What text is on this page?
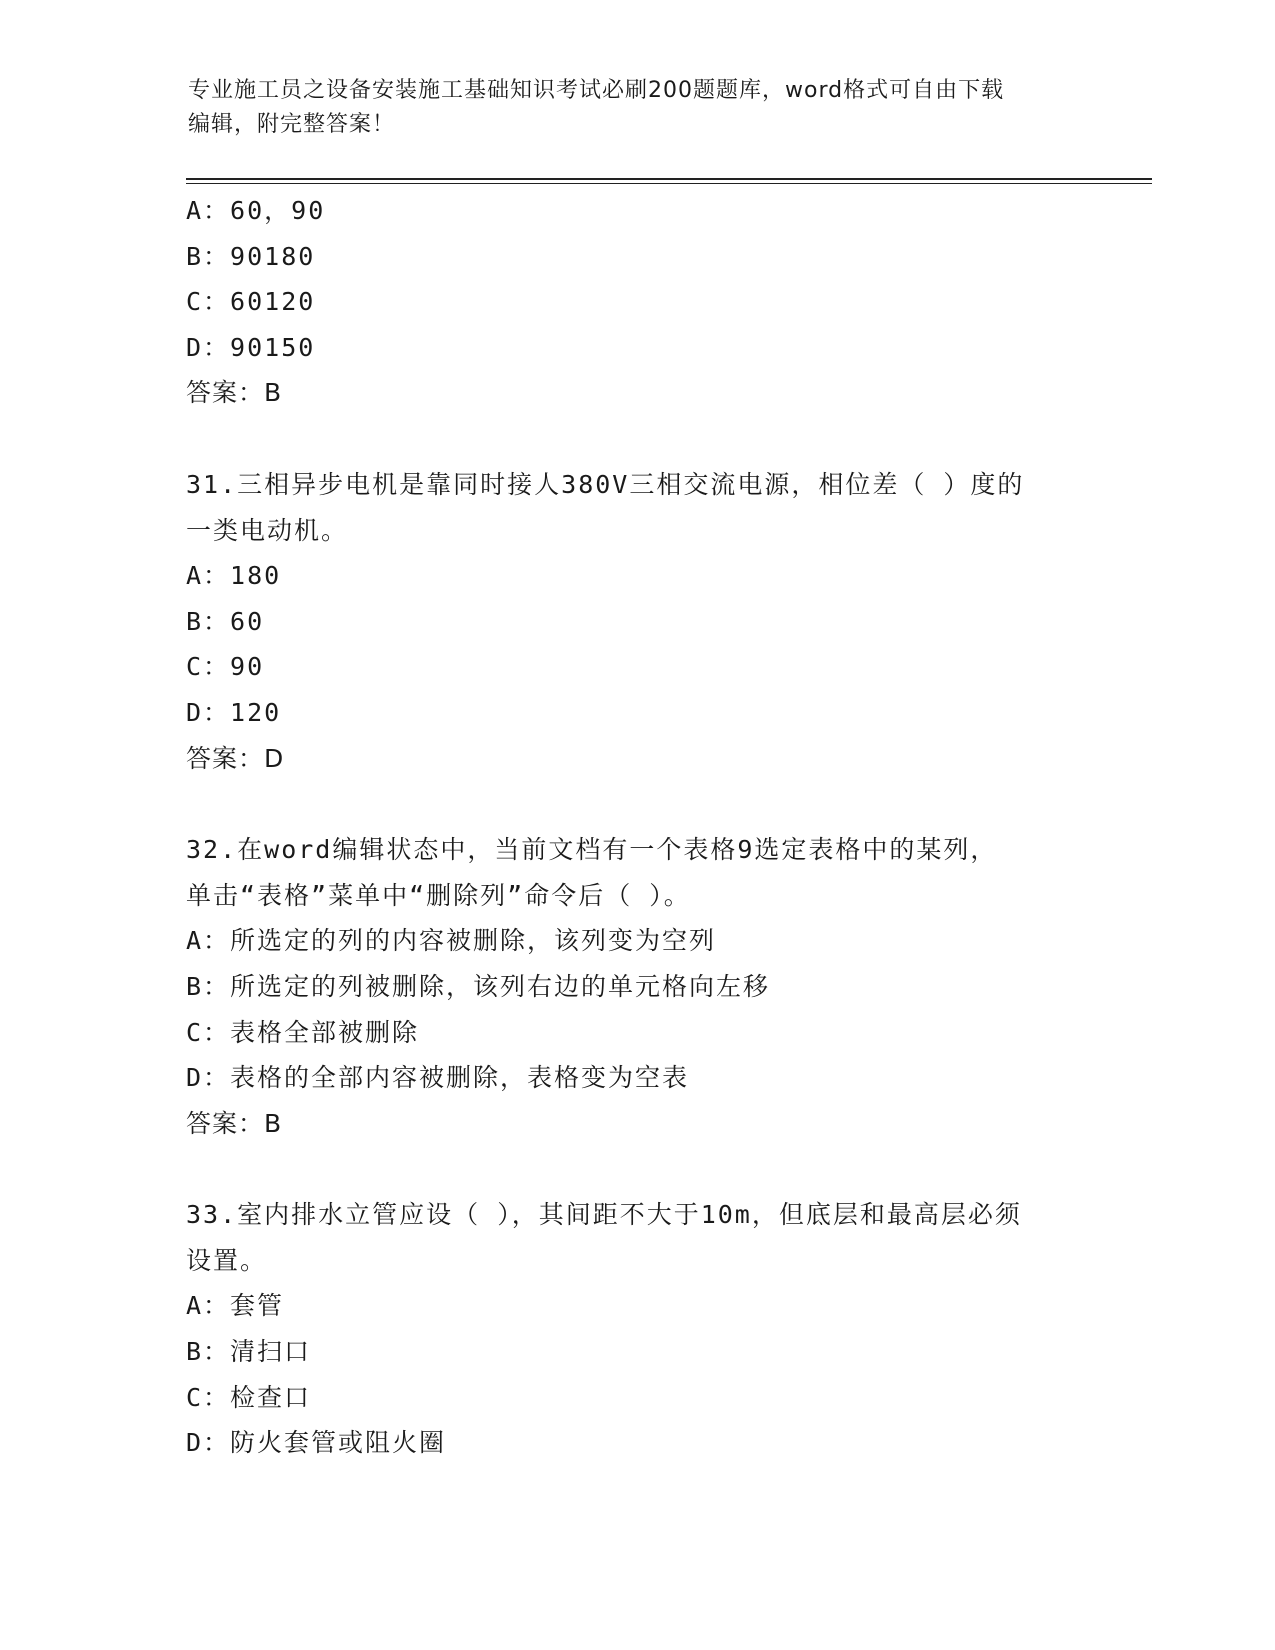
专业施工员之设备安装施工基础知识考试必刷200题题库，word格式可自由下载
编辑，附完整答案！
A：60，90
B：90180
C：60120
D：90150
答案：B
31.三相异步电机是靠同时接人380V三相交流电源，相位差（ ）度的
一类电动机。
A：180
B：60
C：90
D：120
答案：D
32.在word编辑状态中，当前文档有一个表格9选定表格中的某列，
单击“表格”菜单中“删除列”命令后（ ）。
A：所选定的列的内容被删除，该列变为空列
B：所选定的列被删除，该列右边的单元格向左移
C：表格全部被删除
D：表格的全部内容被删除，表格变为空表
答案：B
33.室内排水立管应设（ ），其间距不大于10m，但底层和最高层必须
设置。
A：套管
B：清扫口
C：检查口
D：防火套管或阻火圈
